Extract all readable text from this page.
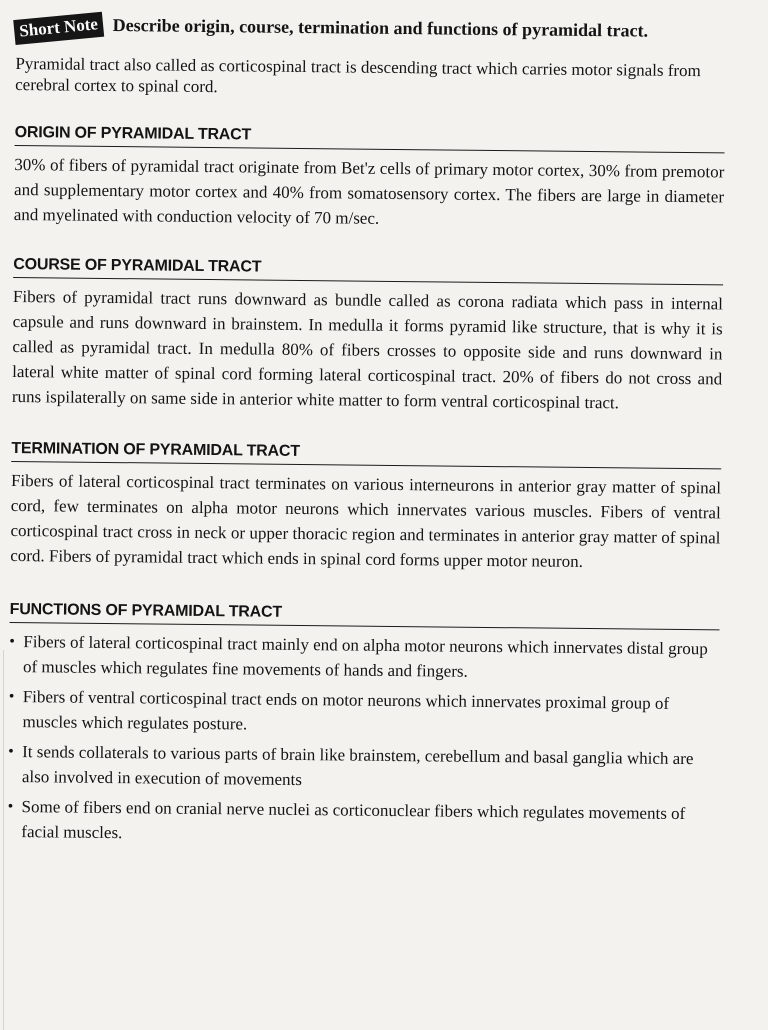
Short Note Describe origin, course, termination and functions of pyramidal tract.

Pyramidal tract also called as corticospinal tract is descending tract which carries motor signals from cerebral cortex to spinal cord.

ORIGIN OF PYRAMIDAL TRACT

30% of fibers of pyramidal tract originate from Bet'z cells of primary motor cortex, 30% from premotor and supplementary motor cortex and 40% from somatosensory cortex. The fibers are large in diameter and myelinated with conduction velocity of 70 m/sec.

COURSE OF PYRAMIDAL TRACT

Fibers of pyramidal tract runs downward as bundle called as corona radiata which pass in internal capsule and runs downward in brainstem. In medulla it forms pyramid like structure, that is why it is called as pyramidal tract. In medulla 80% of fibers crosses to opposite side and runs downward in lateral white matter of spinal cord forming lateral corticospinal tract. 20% of fibers do not cross and runs ispilaterally on same side in anterior white matter to form ventral corticospinal tract.

TERMINATION OF PYRAMIDAL TRACT

Fibers of lateral corticospinal tract terminates on various interneurons in anterior gray matter of spinal cord, few terminates on alpha motor neurons which innervates various muscles. Fibers of ventral corticospinal tract cross in neck or upper thoracic region and terminates in anterior gray matter of spinal cord. Fibers of pyramidal tract which ends in spinal cord forms upper motor neuron.

FUNCTIONS OF PYRAMIDAL TRACT
• Fibers of lateral corticospinal tract mainly end on alpha motor neurons which innervates distal group of muscles which regulates fine movements of hands and fingers.
• Fibers of ventral corticospinal tract ends on motor neurons which innervates proximal group of muscles which regulates posture.
• It sends collaterals to various parts of brain like brainstem, cerebellum and basal ganglia which are also involved in execution of movements
• Some of fibers end on cranial nerve nuclei as corticonuclear fibers which regulates movements of facial muscles.
